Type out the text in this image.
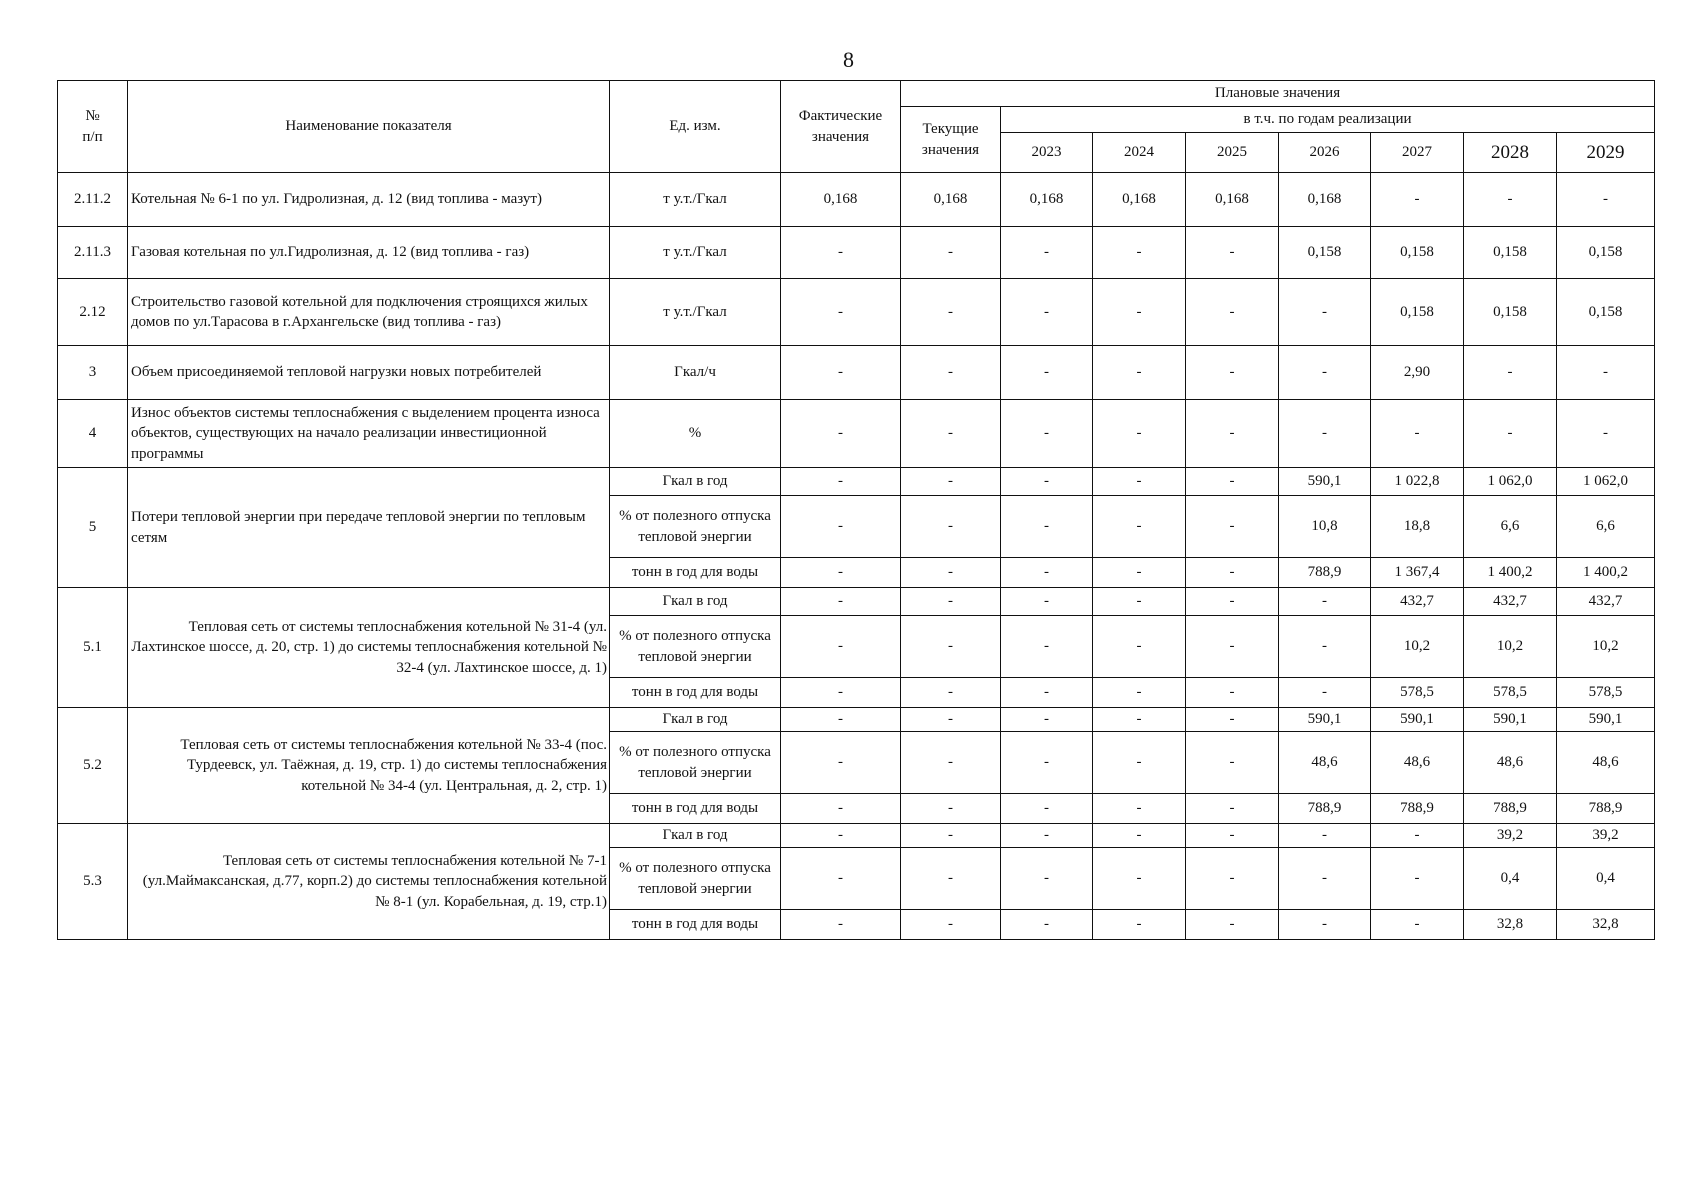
8
№
п/п	Наименование показателя	Ед. изм.	Фактические значения	Плановые значения							
				Текущие значения	в т.ч. по годам реализации						
					2023	2024	2025	2026	2027	2028	2029
2.11.2	Котельная № 6-1 по ул. Гидролизная, д. 12 (вид топлива - мазут)	т у.т./Гкал	0,168	0,168	0,168	0,168	0,168	0,168	-	-	-
2.11.3	Газовая котельная по ул.Гидролизная, д. 12 (вид топлива - газ)	т у.т./Гкал	-	-	-	-	-	0,158	0,158	0,158	0,158
2.12	Строительство газовой котельной для подключения строящихся жилых домов по ул.Тарасова в г.Архангельске (вид топлива - газ)	т у.т./Гкал	-	-	-	-	-	-	0,158	0,158	0,158
3	Объем присоединяемой тепловой нагрузки новых потребителей	Гкал/ч	-	-	-	-	-	-	2,90	-	-
4	Износ объектов системы теплоснабжения с выделением процента износа объектов, существующих на начало реализации инвестиционной программы	%	-	-	-	-	-	-	-	-	-
5	Потери тепловой энергии при передаче тепловой энергии по тепловым сетям	Гкал в год	-	-	-	-	-	590,1	1 022,8	1 062,0	1 062,0
		% от полезного отпуска тепловой энергии	-	-	-	-	-	10,8	18,8	6,6	6,6
		тонн в год для воды	-	-	-	-	-	788,9	1 367,4	1 400,2	1 400,2
5.1	Тепловая сеть от системы теплоснабжения котельной № 31-4 (ул. Лахтинское шоссе, д. 20, стр. 1) до системы теплоснабжения котельной № 32-4 (ул. Лахтинское шоссе, д. 1)	Гкал в год	-	-	-	-	-	-	432,7	432,7	432,7
		% от полезного отпуска тепловой энергии	-	-	-	-	-	-	10,2	10,2	10,2
		тонн в год для воды	-	-	-	-	-	-	578,5	578,5	578,5
5.2	Тепловая сеть от системы теплоснабжения котельной № 33-4 (пос. Турдеевск, ул. Таёжная, д. 19, стр. 1) до системы теплоснабжения котельной № 34-4 (ул. Центральная, д. 2, стр. 1)	Гкал в год	-	-	-	-	-	590,1	590,1	590,1	590,1
		% от полезного отпуска тепловой энергии	-	-	-	-	-	48,6	48,6	48,6	48,6
		тонн в год для воды	-	-	-	-	-	788,9	788,9	788,9	788,9
5.3	Тепловая сеть от системы теплоснабжения котельной № 7-1 (ул.Маймаксанская, д.77, корп.2) до системы теплоснабжения котельной № 8-1 (ул. Корабельная, д. 19, стр.1)	Гкал в год	-	-	-	-	-	-	-	39,2	39,2
		% от полезного отпуска тепловой энергии	-	-	-	-	-	-	-	0,4	0,4
		тонн в год для воды	-	-	-	-	-	-	-	32,8	32,8
